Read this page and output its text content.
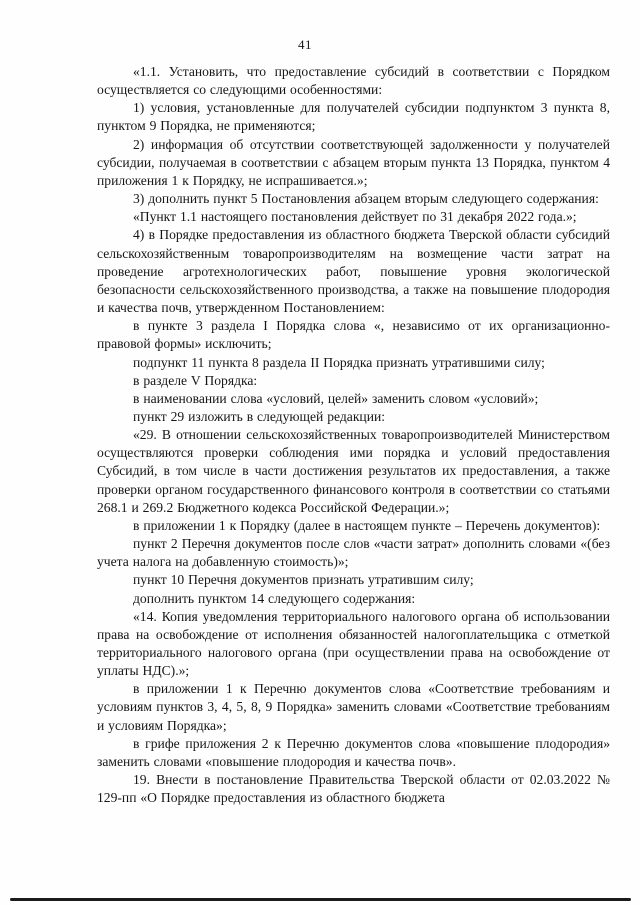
41

«1.1. Установить, что предоставление субсидий в соответствии с Порядком осуществляется со следующими особенностями:

1) условия, установленные для получателей субсидии подпунктом 3 пункта 8, пунктом 9 Порядка, не применяются;

2) информация об отсутствии соответствующей задолженности у получателей субсидии, получаемая в соответствии с абзацем вторым пункта 13 Порядка, пунктом 4 приложения 1 к Порядку, не испрашивается.»;

3) дополнить пункт 5 Постановления абзацем вторым следующего содержания:

«Пункт 1.1 настоящего постановления действует по 31 декабря 2022 года.»;

4) в Порядке предоставления из областного бюджета Тверской области субсидий сельскохозяйственным товаропроизводителям на возмещение части затрат на проведение агротехнологических работ, повышение уровня экологической безопасности сельскохозяйственного производства, а также на повышение плодородия и качества почв, утвержденном Постановлением:

в пункте 3 раздела I Порядка слова «, независимо от их организационно-правовой формы» исключить;

подпункт 11 пункта 8 раздела II Порядка признать утратившими силу;

в разделе V Порядка:

в наименовании слова «условий, целей» заменить словом «условий»;

пункт 29 изложить в следующей редакции:

«29. В отношении сельскохозяйственных товаропроизводителей Министерством осуществляются проверки соблюдения ими порядка и условий предоставления Субсидий, в том числе в части достижения результатов их предоставления, а также проверки органом государственного финансового контроля в соответствии со статьями 268.1 и 269.2 Бюджетного кодекса Российской Федерации.»;

в приложении 1 к Порядку (далее в настоящем пункте – Перечень документов):

пункт 2 Перечня документов после слов «части затрат» дополнить словами «(без учета налога на добавленную стоимость)»;

пункт 10 Перечня документов признать утратившим силу;

дополнить пунктом 14 следующего содержания:

«14. Копия уведомления территориального налогового органа об использовании права на освобождение от исполнения обязанностей налогоплательщика с отметкой территориального налогового органа (при осуществлении права на освобождение от уплаты НДС).»;

в приложении 1 к Перечню документов слова «Соответствие требованиям и условиям пунктов 3, 4, 5, 8, 9 Порядка» заменить словами «Соответствие требованиям и условиям Порядка»;

в грифе приложения 2 к Перечню документов слова «повышение плодородия» заменить словами «повышение плодородия и качества почв».

19. Внести в постановление Правительства Тверской области от 02.03.2022 № 129-пп «О Порядке предоставления из областного бюджета
